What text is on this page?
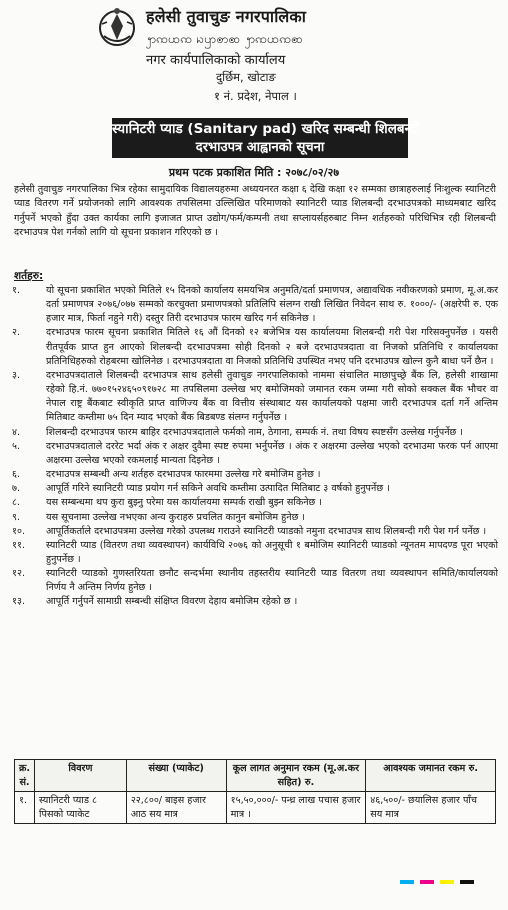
हलेसी तुवाचुङ नगरपालिका
ꩭꩡꩤꩡ ꩢꩥꩦꩧ ꩭꩡꩤꩡꩧ
नगर कार्यपालिकाको कार्यालय
दुर्छिम, खोटाङ
१ नं. प्रदेश, नेपाल ।
स्यानिटरी प्याड (Sanitary pad) खरिद सम्बन्धी शिलबन्दी
दरभाउपत्र आह्वानको सूचना
प्रथम पटक प्रकाशित मिति : २०७८/०२/२७

हलेसी तुवाचुङ नगरपालिका भित्र रहेका सामुदायिक विद्यालयहरुमा अध्ययनरत कक्षा ६ देखि कक्षा १२ सम्मका छात्राहरुलाई निःशुल्क स्यानिटरी प्याड वितरण गर्ने प्रयोजनको लागि आवश्यक तपसिलमा उल्लिखित परिमाणको स्यानिटरी प्याड शिलबन्दी दरभाउपत्रको माध्यमबाट खरिद गर्नुपर्ने भएको हुँदा उक्त कार्यका लागि इजाजत प्राप्त उद्योग/फर्म/कम्पनी तथा सप्लायर्सहरुबाट निम्न शर्तहरुको परिधिभित्र रही शिलबन्दी दरभाउपत्र पेश गर्नको लागि यो सूचना प्रकाशन गरिएको छ ।

शर्तहरु:
१.	यो सूचना प्रकाशित भएको मितिले १५ दिनको कार्यालय समयभित्र अनुमति/दर्ता प्रमाणपत्र, अद्यावधिक नवीकरणको प्रमाण, मू.अ.कर दर्ता प्रमाणपत्र २०७६/०७७ सम्मको करचुक्ता प्रमाणपत्रको प्रतिलिपि संलग्न राखी लिखित निवेदन साथ रु. १०००/- (अक्षरेपी रु. एक हजार मात्र, फिर्ता नहुने गरी) दस्तुर तिरी दरभाउपत्र फारम खरिद गर्न सकिनेछ ।
२.	दरभाउपत्र फारम सूचना प्रकाशित मितिले १६ औं दिनको १२ बजेभित्र यस कार्यालयमा शिलबन्दी गरी पेश गरिसक्नुपर्नेछ । यसरी रीतपूर्वक प्राप्त हुन आएको शिलबन्दी दरभाउपत्रमा सोही दिनको २ बजे दरभाउपत्रदाता वा निजको प्रतिनिधि र कार्यालयका प्रतिनिधिहरुको रोहबरमा खोलिनेछ । दरभाउपत्रदाता वा निजको प्रतिनिधि उपस्थित नभए पनि दरभाउपत्र खोल्न कुनै बाधा पर्ने छैन ।
३.	दरभाउपत्रदाताले शिलबन्दी दरभाउपत्र साथ हलेसी तुवाचुङ नगरपालिकाको नाममा संचालित माछापुच्छ्रे बैंक लि, हलेसी शाखामा रहेको हि.नं. ७७०१५२४६५०९१७२८ मा तपसिलमा उल्लेख भए बमोजिमको जमानत रकम जम्मा गरी सोको सक्कल बैंक भौचर वा नेपाल राष्ट्र बैंकबाट स्वीकृति प्राप्त वाणिज्य बैंक वा वित्तीय संस्थाबाट यस कार्यालयको पक्षमा जारी दरभाउपत्र दर्ता गर्ने अन्तिम मितिबाट कम्तीमा ७५ दिन म्याद भएको बैंक बिडबण्ड संलग्न गर्नुपर्नेछ ।
४.	शिलबन्दी दरभाउपत्र फारम बाहिर दरभाउपत्रदाताले फर्मको नाम, ठेगाना, सम्पर्क नं. तथा विषय स्पष्टसँग उल्लेख गर्नुपर्नेछ ।
५.	दरभाउपत्रदाताले दररेट भर्दा अंक र अक्षर दुवैमा स्पष्ट रुपमा भर्नुपर्नेछ । अंक र अक्षरमा उल्लेख भएको दरभाउमा फरक पर्न आएमा अक्षरमा उल्लेख भएको रकमलाई मान्यता दिइनेछ ।
६.	दरभाउपत्र सम्बन्धी अन्य शर्तहरु दरभाउपत्र फारममा उल्लेख गरे बमोजिम हुनेछ ।
७.	आपूर्ति गरिने स्यानिटरी प्याड प्रयोग गर्न सकिने अवधि कम्तीमा उत्पादित मितिबाट ३ वर्षको हुनुपर्नेछ ।
८.	यस सम्बन्धमा थप कुरा बुझ्नु परेमा यस कार्यालयमा सम्पर्क राखी बुझ्न सकिनेछ ।
९.	यस सूचनामा उल्लेख नभएका अन्य कुराहरु प्रचलित कानुन बमोजिम हुनेछ ।
१०.	आपूर्तिकर्ताले दरभाउपत्रमा उल्लेख गरेको उपलब्ध गराउने स्यानिटरी प्याडको नमुना दरभाउपत्र साथ शिलबन्दी गरी पेश गर्न पर्नेछ ।
११.	स्यानिटरी प्याड (वितरण तथा व्यवस्थापन) कार्यविधि २०७६ को अनुसूची १ बमोजिम स्यानिटरी प्याडको न्यूनतम मापदण्ड पूरा भएको हुनुपर्नेछ ।
१२.	स्यानिटरी प्याडको गुणस्तरियता छनौट सन्दर्भमा स्थानीय तहस्तरीय स्यानिटरी प्याड वितरण तथा व्यवस्थापन समिति/कार्यालयको निर्णय नै अन्तिम निर्णय हुनेछ ।
१३.	आपूर्ति गर्नुपर्ने सामाग्री सम्बन्धी संक्षिप्त विवरण देहाय बमोजिम रहेको छ ।
क्र. सं.	विवरण	संख्या (प्याकेट)	कूल लागत अनुमान रकम (मू.अ.कर सहित) रु.	आवश्यक जमानत रकम रु.
१.	स्यानिटरी प्याड ८ पिसको प्याकेट	२२,८००/ बाइस हजार आठ सय मात्र	१५,५०,०००/- पन्ध्र लाख पचास हजार मात्र ।	४६,५००/- छयालिस हजार पाँच सय मात्र
